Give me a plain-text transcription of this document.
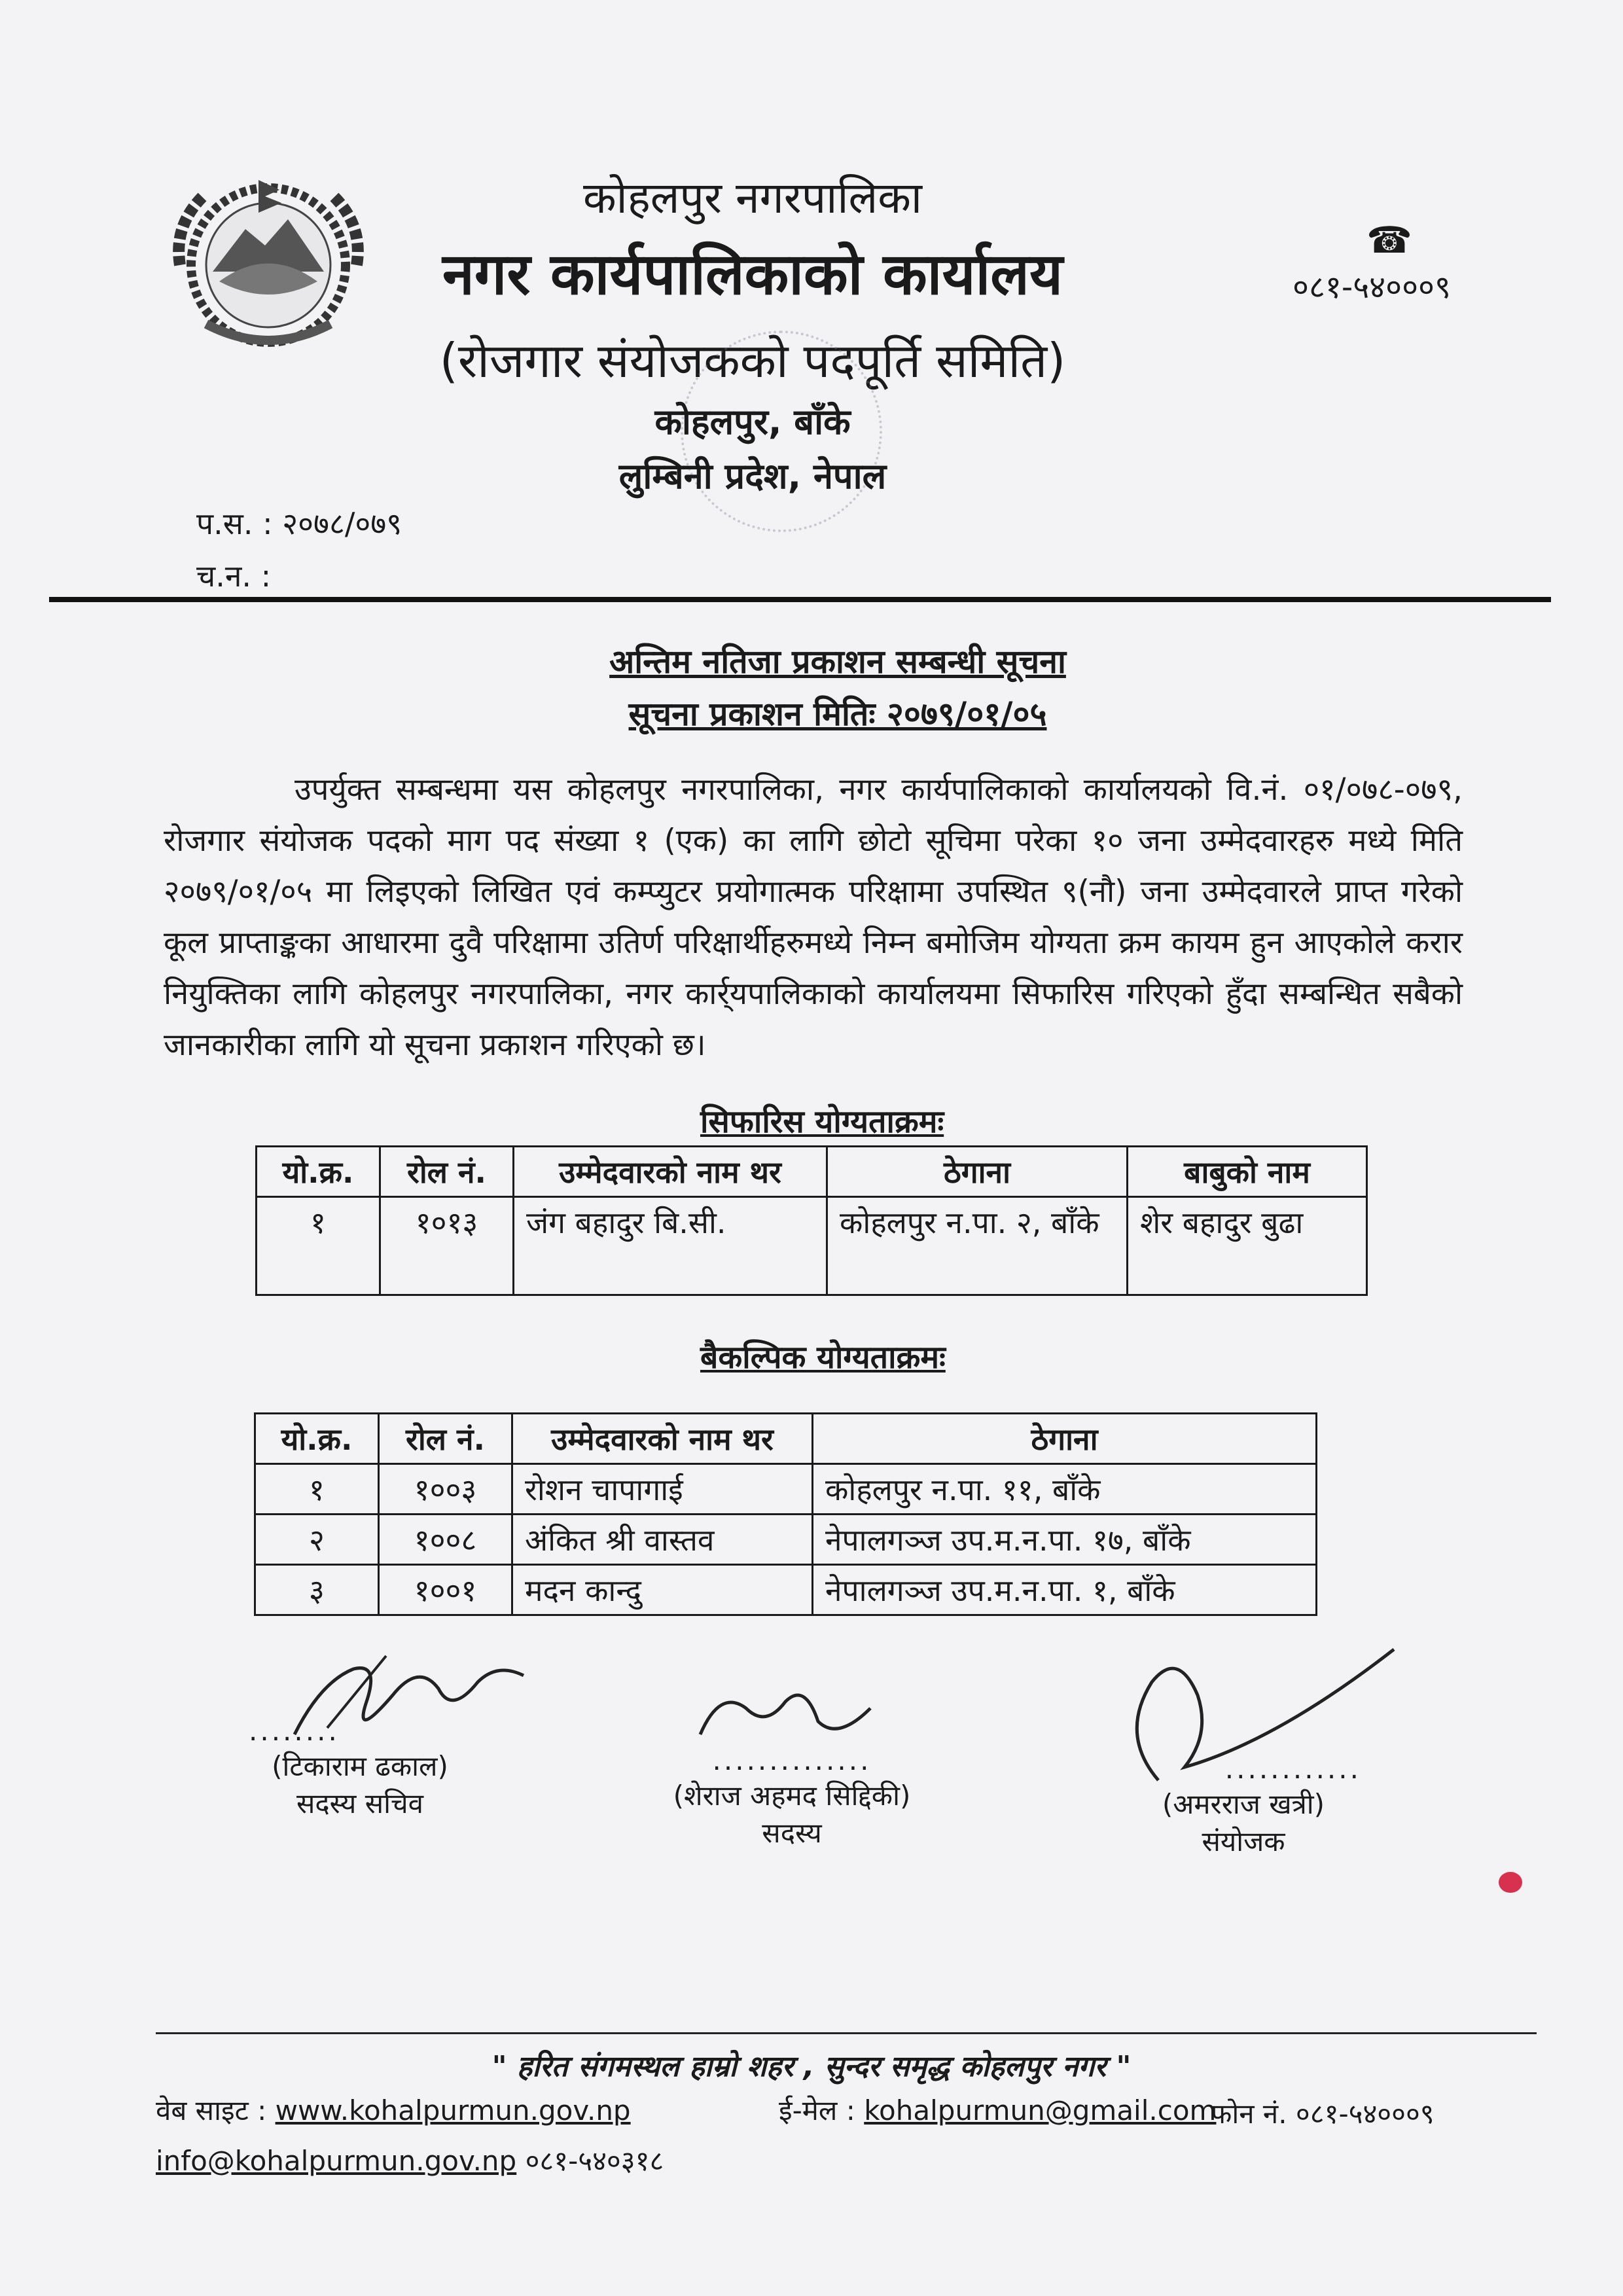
कोहलपुर नगरपालिका
नगर कार्यपालिकाको कार्यालय
(रोजगार संयोजकको पदपूर्ति समिति)
कोहलपुर, बाँके
लुम्बिनी प्रदेश, नेपाल
☎
०८१-५४०००९
प.स. : २०७८/०७९
च.न. :
अन्तिम नतिजा प्रकाशन सम्बन्धी सूचना
सूचना प्रकाशन मितिः २०७९/०१/०५

उपर्युक्त सम्बन्धमा यस कोहलपुर नगरपालिका, नगर कार्यपालिकाको कार्यालयको वि.नं. ०१/०७८-०७९, रोजगार संयोजक पदको माग पद संख्या १ (एक) का लागि छोटो सूचिमा परेका १० जना उम्मेदवारहरु मध्ये मिति २०७९/०१/०५ मा लिइएको लिखित एवं कम्प्युटर प्रयोगात्मक परिक्षामा उपस्थित ९(नौ) जना उम्मेदवारले प्राप्त गरेको कूल प्राप्ताङ्कका आधारमा दुवै परिक्षामा उतिर्ण परिक्षार्थीहरुमध्ये निम्न बमोजिम योग्यता क्रम कायम हुन आएकोले करार नियुक्तिका लागि कोहलपुर नगरपालिका, नगर कार्र्यपालिकाको कार्यालयमा सिफारिस गरिएको हुँदा सम्बन्धित सबैको जानकारीका लागि यो सूचना प्रकाशन गरिएको छ।

सिफारिस योग्यताक्रमः
यो.क्र.	रोल नं.	उम्मेदवारको नाम थर	ठेगाना	बाबुको नाम
१	१०१३	जंग बहादुर बि.सी.	कोहलपुर न.पा. २, बाँके	शेर बहादुर बुढा
बैकल्पिक योग्यताक्रमः
यो.क्र.	रोल नं.	उम्मेदवारको नाम थर	ठेगाना
१	१००३	रोशन चापागाई	कोहलपुर न.पा. ११, बाँके
२	१००८	अंकित श्री वास्तव	नेपालगञ्ज उप.म.न.पा. १७, बाँके
३	१००१	मदन कान्दु	नेपालगञ्ज उप.म.न.पा. १, बाँके
........
(टिकाराम ढकाल)
सदस्य सचिव
..............
(शेराज अहमद सिद्दिकी)
सदस्य
............
(अमरराज खत्री)
संयोजक
" हरित संगमस्थल हाम्रो शहर , सुन्दर समृद्ध कोहलपुर नगर "
वेब साइट : www.kohalpurmun.gov.np	ई-मेल : kohalpurmun@gmail.com
फोन नं. ०८१-५४०००९
info@kohalpurmun.gov.np ०८१-५४०३१८
